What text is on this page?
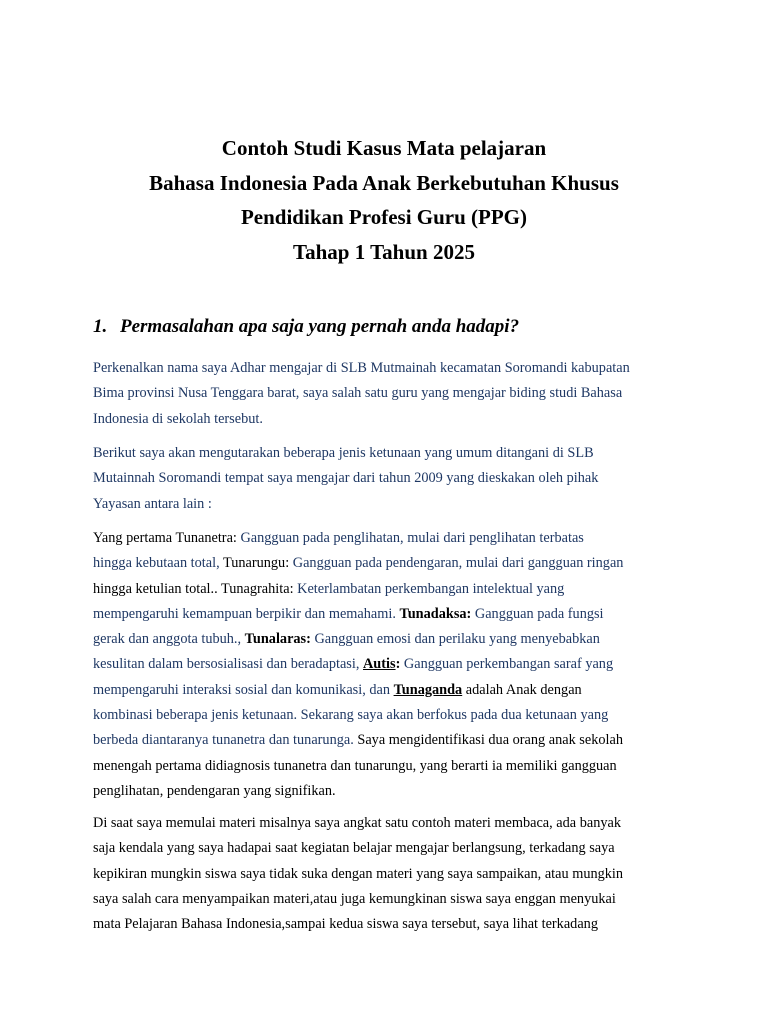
Contoh Studi Kasus Mata pelajaran
Bahasa Indonesia Pada Anak Berkebutuhan Khusus
Pendidikan Profesi Guru (PPG)
Tahap 1 Tahun 2025
1. Permasalahan apa saja yang pernah anda hadapi?
Perkenalkan nama saya Adhar mengajar di SLB Mutmainah kecamatan Soromandi kabupatan
Bima provinsi Nusa Tenggara barat, saya salah satu guru yang mengajar biding studi Bahasa
Indonesia di sekolah tersebut.
Berikut saya akan mengutarakan beberapa jenis ketunaan yang umum ditangani di SLB
Mutainnah Soromandi tempat saya mengajar dari tahun 2009 yang dieskakan oleh pihak
Yayasan antara lain :
Yang pertama Tunanetra: Gangguan pada penglihatan, mulai dari penglihatan terbatas
hingga kebutaan total, Tunarungu: Gangguan pada pendengaran, mulai dari gangguan ringan
hingga ketulian total.. Tunagrahita: Keterlambatan perkembangan intelektual yang
mempengaruhi kemampuan berpikir dan memahami. Tunadaksa: Gangguan pada fungsi
gerak dan anggota tubuh., Tunalaras: Gangguan emosi dan perilaku yang menyebabkan
kesulitan dalam bersosialisasi dan beradaptasi, Autis: Gangguan perkembangan saraf yang
mempengaruhi interaksi sosial dan komunikasi, dan Tunaganda adalah Anak dengan
kombinasi beberapa jenis ketunaan. Sekarang saya akan berfokus pada dua ketunaan yang
berbeda diantaranya tunanetra dan tunarunga. Saya mengidentifikasi dua orang anak sekolah
menengah pertama didiagnosis tunanetra dan tunarungu, yang berarti ia memiliki gangguan
penglihatan, pendengaran yang signifikan.
Di saat saya memulai materi misalnya saya angkat satu contoh materi membaca, ada banyak
saja kendala yang saya hadapai saat kegiatan belajar mengajar berlangsung, terkadang saya
kepikiran mungkin siswa saya tidak suka dengan materi yang saya sampaikan, atau mungkin
saya salah cara menyampaikan materi,atau juga kemungkinan siswa saya enggan menyukai
mata Pelajaran Bahasa Indonesia,sampai kedua siswa saya tersebut, saya lihat terkadang
